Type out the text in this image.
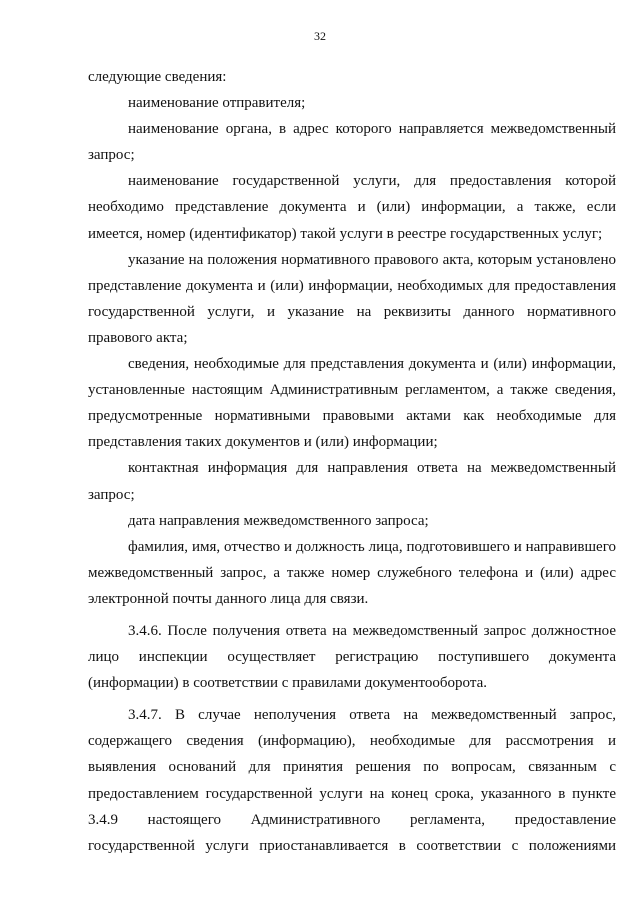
32

следующие сведения:

наименование отправителя;

наименование органа, в адрес которого направляется межведомственный запрос;

наименование государственной услуги, для предоставления которой необходимо представление документа и (или) информации, а также, если имеется, номер (идентификатор) такой услуги в реестре государственных услуг;

указание на положения нормативного правового акта, которым установлено представление документа и (или) информации, необходимых для предоставления государственной услуги, и указание на реквизиты данного нормативного правового акта;

сведения, необходимые для представления документа и (или) информации, установленные настоящим Административным регламентом, а также сведения, предусмотренные нормативными правовыми актами как необходимые для представления таких документов и (или) информации;

контактная информация для направления ответа на межведомственный запрос;

дата направления межведомственного запроса;

фамилия, имя, отчество и должность лица, подготовившего и направившего межведомственный запрос, а также номер служебного телефона и (или) адрес электронной почты данного лица для связи.

3.4.6. После получения ответа на межведомственный запрос должностное лицо инспекции осуществляет регистрацию поступившего документа (информации) в соответствии с правилами документооборота.

3.4.7. В случае неполучения ответа на межведомственный запрос, содержащего сведения (информацию), необходимые для рассмотрения и выявления оснований для принятия решения по вопросам, связанным с предоставлением государственной услуги на конец срока, указанного в пункте 3.4.9 настоящего Административного регламента, предоставление государственной услуги приостанавливается в соответствии с положениями
